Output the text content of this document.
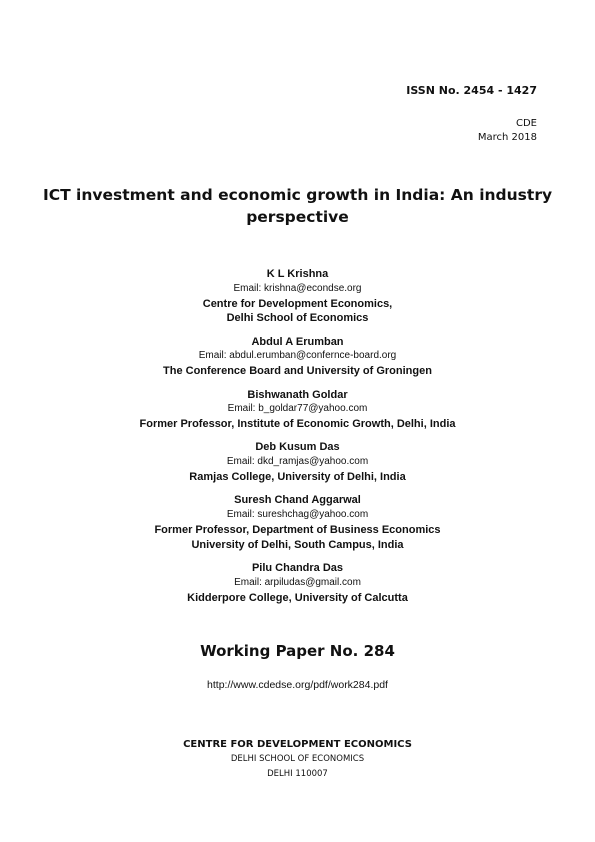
ISSN No. 2454 - 1427
CDE
March 2018
ICT investment and economic growth in India: An industry
perspective
K L Krishna
Email: krishna@econdse.org
Centre for Development Economics,
Delhi School of Economics
Abdul A Erumban
Email: abdul.erumban@confernce-board.org
The Conference Board and University of Groningen
Bishwanath Goldar
Email: b_goldar77@yahoo.com
Former Professor, Institute of Economic Growth, Delhi, India
Deb Kusum Das
Email: dkd_ramjas@yahoo.com
Ramjas College, University of Delhi, India
Suresh Chand Aggarwal
Email: sureshchag@yahoo.com
Former Professor, Department of Business Economics
University of Delhi, South Campus, India
Pilu Chandra Das
Email: arpiludas@gmail.com
Kidderpore College, University of Calcutta
Working Paper No. 284
http://www.cdedse.org/pdf/work284.pdf
CENTRE FOR DEVELOPMENT ECONOMICS
DELHI SCHOOL OF ECONOMICS
DELHI 110007
